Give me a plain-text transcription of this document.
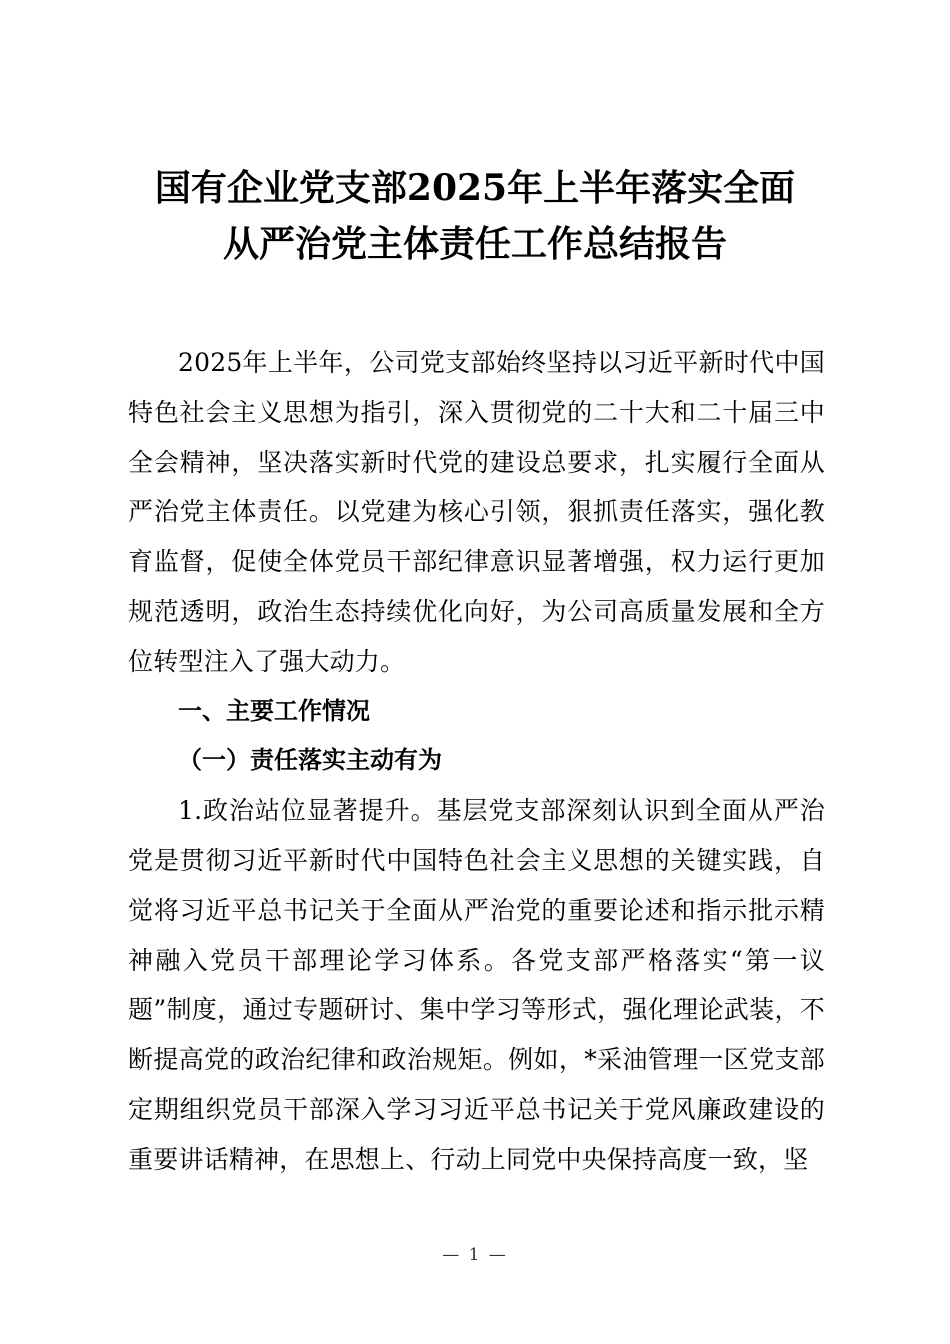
国有企业党支部2025年上半年落实全面
从严治党主体责任工作总结报告

2025年上半年，公司党支部始终坚持以习近平新时代中国特色社会主义思想为指引，深入贯彻党的二十大和二十届三中全会精神，坚决落实新时代党的建设总要求，扎实履行全面从严治党主体责任。以党建为核心引领，狠抓责任落实，强化教育监督，促使全体党员干部纪律意识显著增强，权力运行更加规范透明，政治生态持续优化向好，为公司高质量发展和全方位转型注入了强大动力。

一、主要工作情况

（一）责任落实主动有为

1.政治站位显著提升。基层党支部深刻认识到全面从严治党是贯彻习近平新时代中国特色社会主义思想的关键实践，自觉将习近平总书记关于全面从严治党的重要论述和指示批示精神融入党员干部理论学习体系。各党支部严格落实“第一议题”制度，通过专题研讨、集中学习等形式，强化理论武装，不断提高党的政治纪律和政治规矩。例如，*采油管理一区党支部定期组织党员干部深入学习习近平总书记关于党风廉政建设的重要讲话精神，在思想上、行动上同党中央保持高度一致，坚

— 1 —
